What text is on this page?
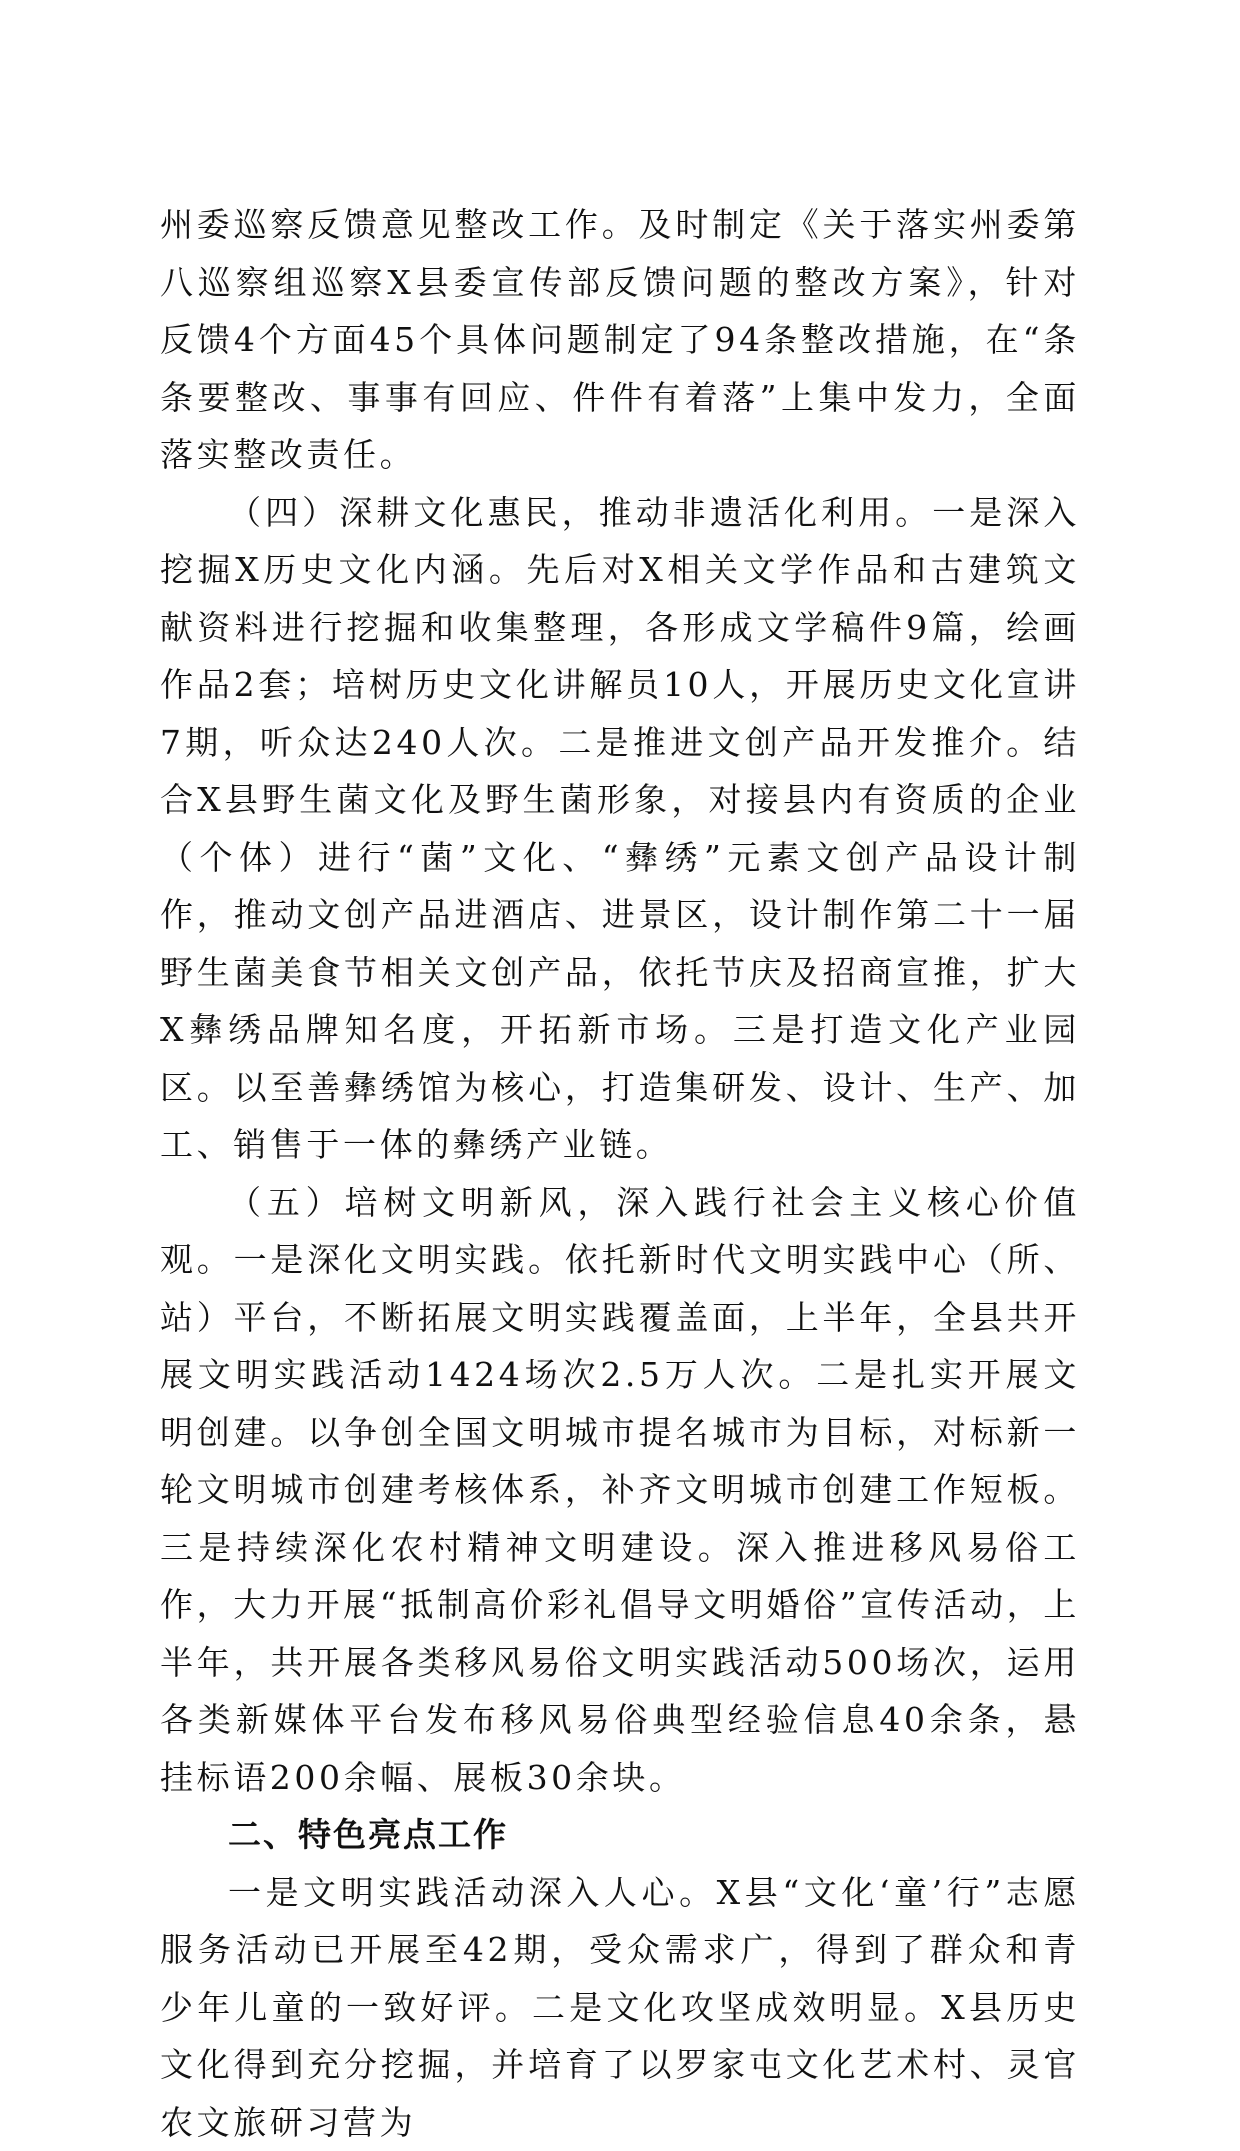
州委巡察反馈意见整改工作。及时制定《关于落实州委第八巡察组巡察X县委宣传部反馈问题的整改方案》，针对反馈4个方面45个具体问题制定了94条整改措施，在“条条要整改、事事有回应、件件有着落”上集中发力，全面落实整改责任。

（四）深耕文化惠民，推动非遗活化利用。一是深入挖掘X历史文化内涵。先后对X相关文学作品和古建筑文献资料进行挖掘和收集整理，各形成文学稿件9篇，绘画作品2套；培树历史文化讲解员10人，开展历史文化宣讲7期，听众达240人次。二是推进文创产品开发推介。结合X县野生菌文化及野生菌形象，对接县内有资质的企业（个体）进行“菌”文化、“彝绣”元素文创产品设计制作，推动文创产品进酒店、进景区，设计制作第二十一届野生菌美食节相关文创产品，依托节庆及招商宣推，扩大X彝绣品牌知名度，开拓新市场。三是打造文化产业园区。以至善彝绣馆为核心，打造集研发、设计、生产、加工、销售于一体的彝绣产业链。

（五）培树文明新风，深入践行社会主义核心价值观。一是深化文明实践。依托新时代文明实践中心（所、站）平台，不断拓展文明实践覆盖面，上半年，全县共开展文明实践活动1424场次2.5万人次。二是扎实开展文明创建。以争创全国文明城市提名城市为目标，对标新一轮文明城市创建考核体系，补齐文明城市创建工作短板。三是持续深化农村精神文明建设。深入推进移风易俗工作，大力开展“抵制高价彩礼倡导文明婚俗”宣传活动，上半年，共开展各类移风易俗文明实践活动500场次，运用各类新媒体平台发布移风易俗典型经验信息40余条，悬挂标语200余幅、展板30余块。

二、特色亮点工作

一是文明实践活动深入人心。X县“文化‘童’行”志愿服务活动已开展至42期，受众需求广，得到了群众和青少年儿童的一致好评。二是文化攻坚成效明显。X县历史文化得到充分挖掘，并培育了以罗家屯文化艺术村、灵官农文旅研习营为
